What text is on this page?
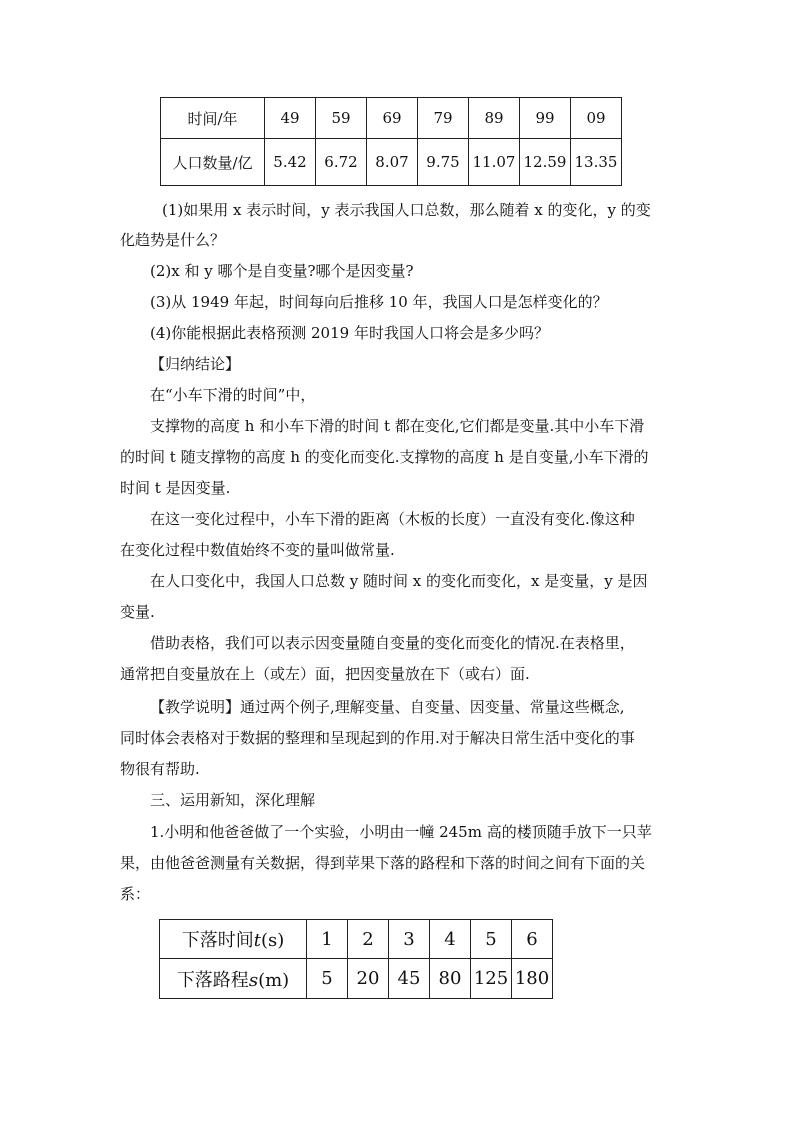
时间/年	49	59	69	79	89	99	09
人口数量/亿	5.42	6.72	8.07	9.75	11.07	12.59	13.35
(1)如果用 x 表示时间，y 表示我国人口总数，那么随着 x 的变化，y 的变
化趋势是什么？
(2)x 和 y 哪个是自变量?哪个是因变量?
(3)从 1949 年起，时间每向后推移 10 年，我国人口是怎样变化的？
(4)你能根据此表格预测 2019 年时我国人口将会是多少吗？
【归纳结论】
在“小车下滑的时间”中，
支撑物的高度 h 和小车下滑的时间 t 都在变化,它们都是变量.其中小车下滑
的时间 t 随支撑物的高度 h 的变化而变化.支撑物的高度 h 是自变量,小车下滑的
时间 t 是因变量.
在这一变化过程中，小车下滑的距离（木板的长度）一直没有变化.像这种
在变化过程中数值始终不变的量叫做常量.
在人口变化中，我国人口总数 y 随时间 x 的变化而变化，x 是变量，y 是因
变量.
借助表格，我们可以表示因变量随自变量的变化而变化的情况.在表格里，
通常把自变量放在上（或左）面，把因变量放在下（或右）面.
【教学说明】通过两个例子,理解变量、自变量、因变量、常量这些概念,
同时体会表格对于数据的整理和呈现起到的作用.对于解决日常生活中变化的事
物很有帮助.
三、运用新知，深化理解
1.小明和他爸爸做了一个实验，小明由一幢 245m 高的楼顶随手放下一只苹
果，由他爸爸测量有关数据，得到苹果下落的路程和下落的时间之间有下面的关
系：
下落时间t(s)	1	2	3	4	5	6
下落路程s(m)	5	20	45	80	125	180
